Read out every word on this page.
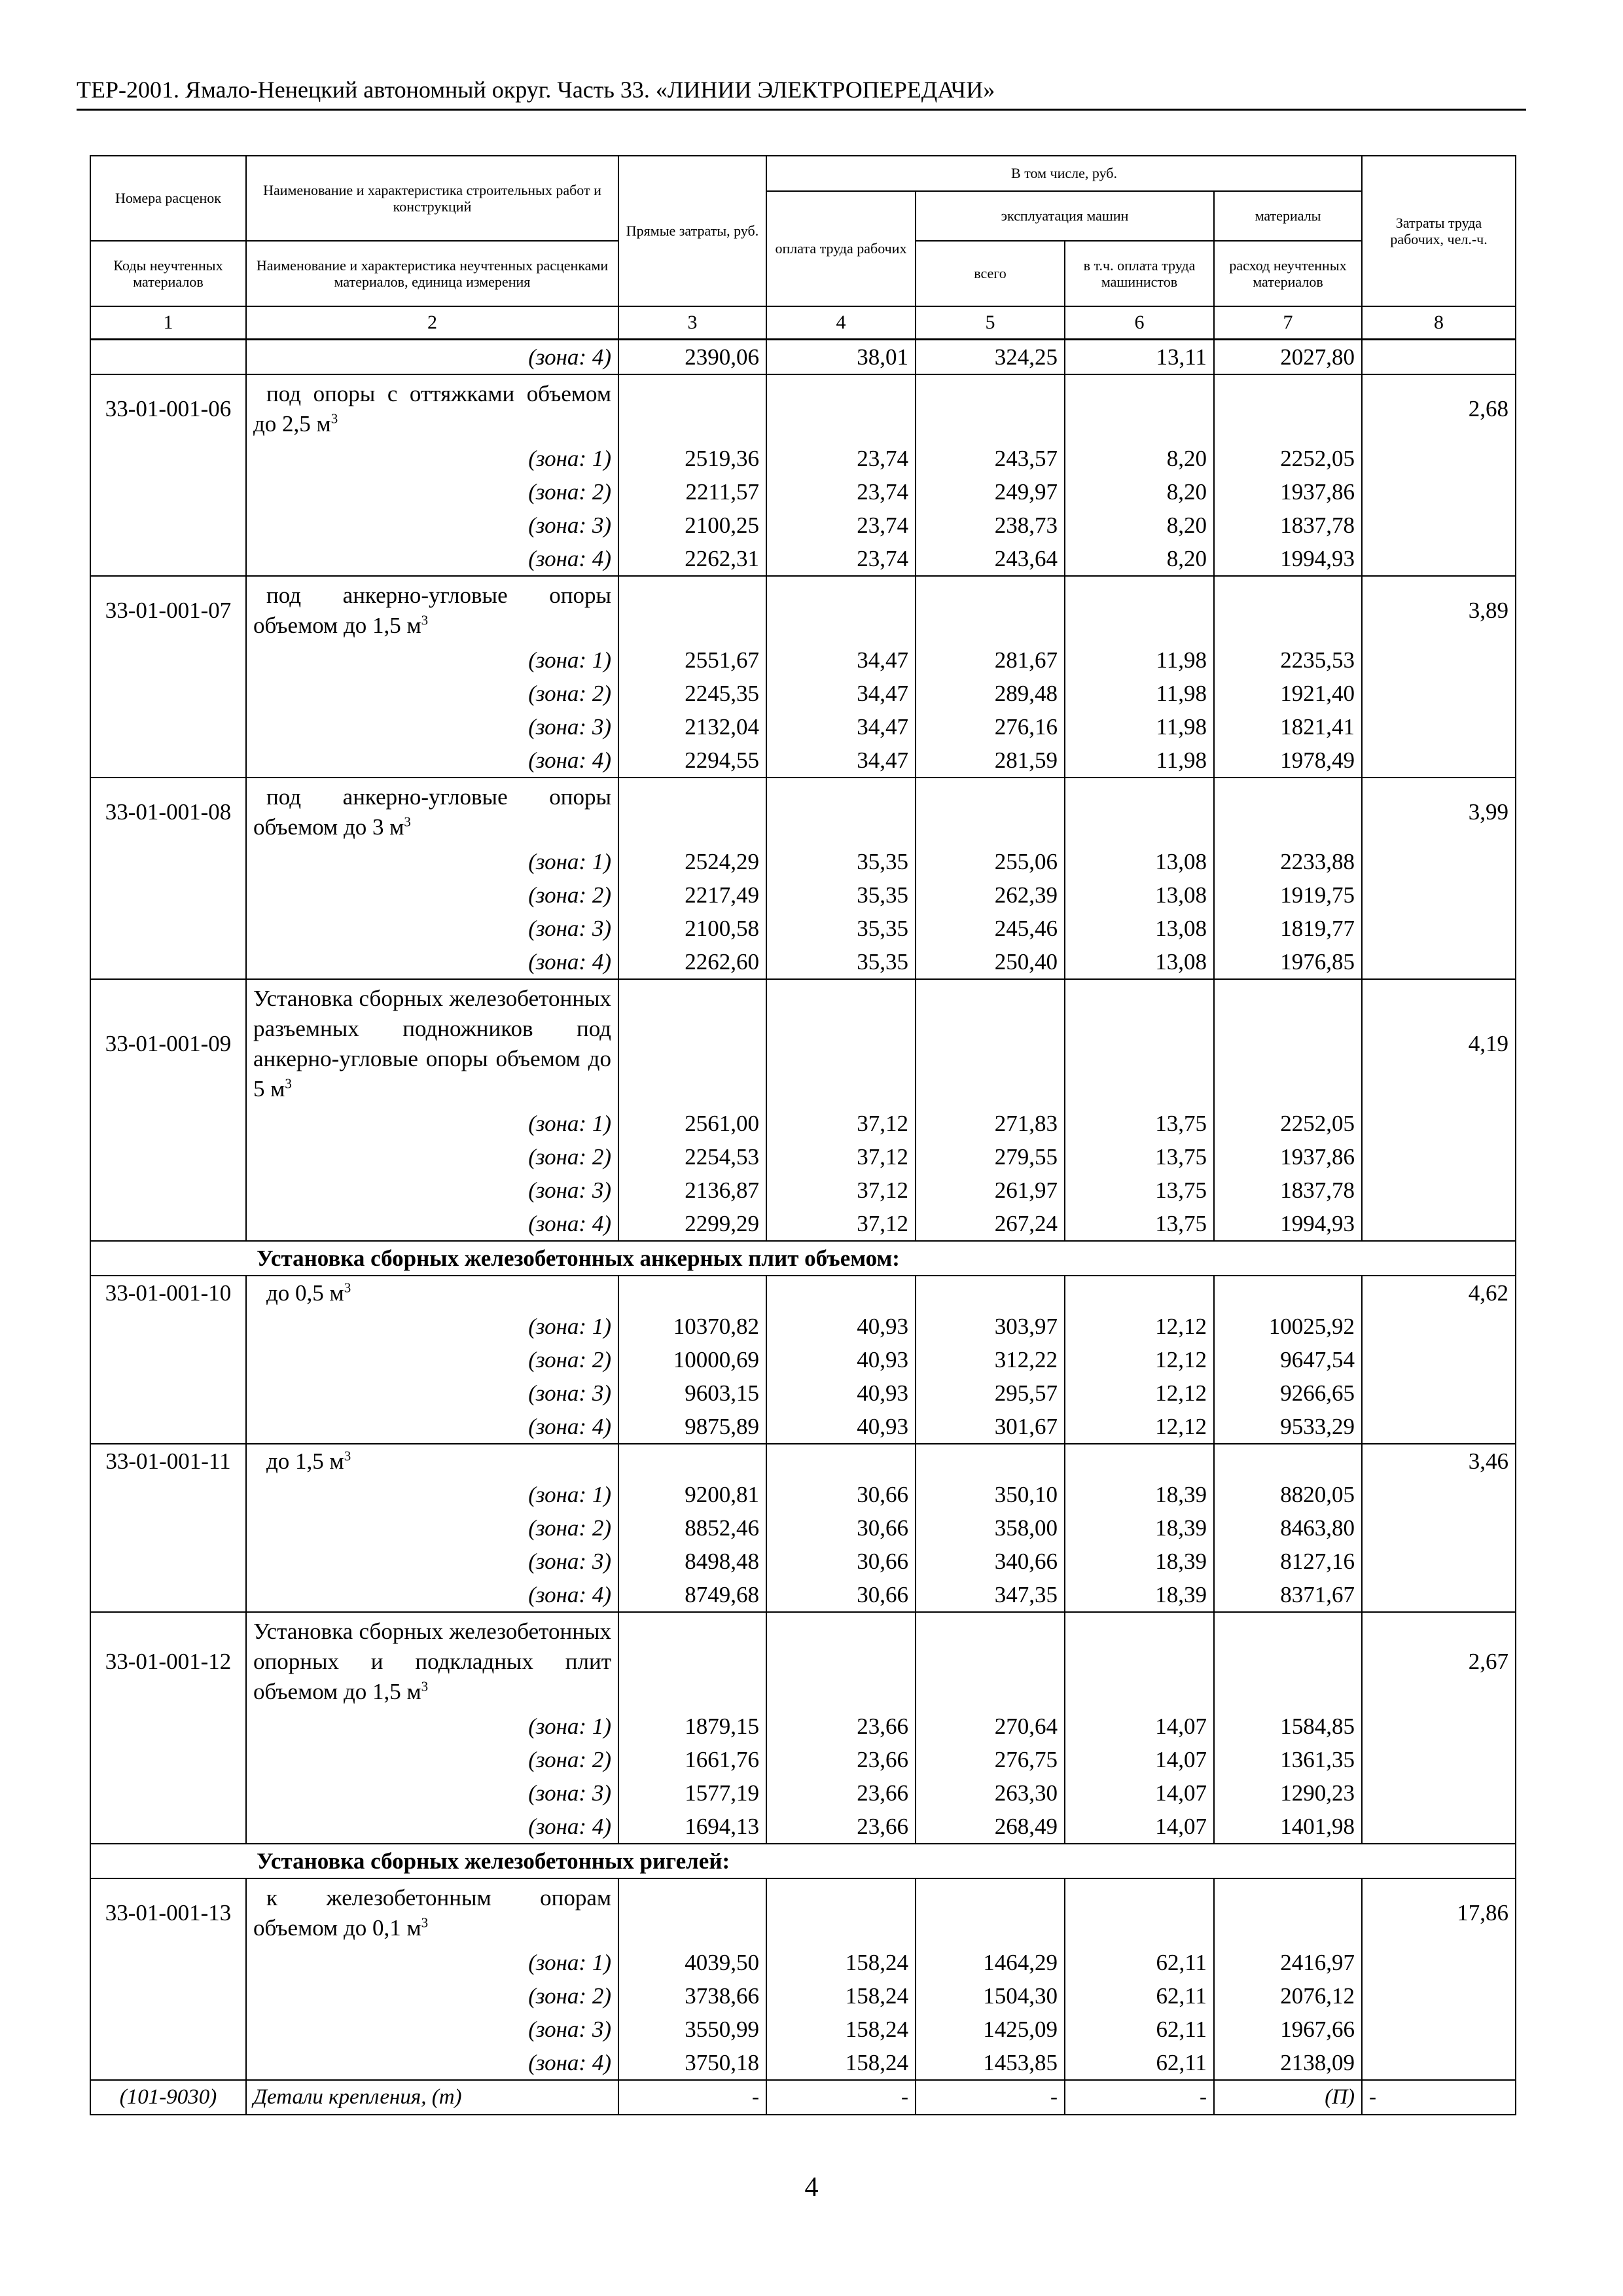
ТЕР-2001. Ямало-Ненецкий автономный округ. Часть 33. «ЛИНИИ ЭЛЕКТРОПЕРЕДАЧИ»
Номера расценок	Наименование и характеристика строительных работ и конструкций	Прямые затраты, руб.	В том числе, руб.				Затраты труда рабочих, чел.-ч.
			оплата труда рабочих	эксплуатация машин		материалы	
Коды неучтенных материалов	Наименование и характеристика неучтенных расценками материалов, единица измерения			всего	в т.ч. оплата труда машинистов	расход неучтенных материалов	
1	2	3	4	5	6	7	8
	(зона: 4)	2390,06	38,01	324,25	13,11	2027,80	
33-01-001-06	под опоры с оттяжками объемом до 2,5 $м^3$						2,68
	(зона: 1)	2519,36	23,74	243,57	8,20	2252,05	
	(зона: 2)	2211,57	23,74	249,97	8,20	1937,86	
	(зона: 3)	2100,25	23,74	238,73	8,20	1837,78	
	(зона: 4)	2262,31	23,74	243,64	8,20	1994,93	
33-01-001-07	под анкерно-угловые опоры объемом до 1,5 $м^3$						3,89
	(зона: 1)	2551,67	34,47	281,67	11,98	2235,53	
	(зона: 2)	2245,35	34,47	289,48	11,98	1921,40	
	(зона: 3)	2132,04	34,47	276,16	11,98	1821,41	
	(зона: 4)	2294,55	34,47	281,59	11,98	1978,49	
33-01-001-08	под анкерно-угловые опоры объемом до 3 $м^3$						3,99
	(зона: 1)	2524,29	35,35	255,06	13,08	2233,88	
	(зона: 2)	2217,49	35,35	262,39	13,08	1919,75	
	(зона: 3)	2100,58	35,35	245,46	13,08	1819,77	
	(зона: 4)	2262,60	35,35	250,40	13,08	1976,85	
33-01-001-09	Установка сборных железобетонных разъемных подножников под анкерно-угловые опоры объемом до 5 $м^3$						4,19
	(зона: 1)	2561,00	37,12	271,83	13,75	2252,05	
	(зона: 2)	2254,53	37,12	279,55	13,75	1937,86	
	(зона: 3)	2136,87	37,12	261,97	13,75	1837,78	
	(зона: 4)	2299,29	37,12	267,24	13,75	1994,93	
	Установка сборных железобетонных анкерных плит объемом:						
33-01-001-10	до 0,5 $м^3$						4,62
	(зона: 1)	10370,82	40,93	303,97	12,12	10025,92	
	(зона: 2)	10000,69	40,93	312,22	12,12	9647,54	
	(зона: 3)	9603,15	40,93	295,57	12,12	9266,65	
	(зона: 4)	9875,89	40,93	301,67	12,12	9533,29	
33-01-001-11	до 1,5 $м^3$						3,46
	(зона: 1)	9200,81	30,66	350,10	18,39	8820,05	
	(зона: 2)	8852,46	30,66	358,00	18,39	8463,80	
	(зона: 3)	8498,48	30,66	340,66	18,39	8127,16	
	(зона: 4)	8749,68	30,66	347,35	18,39	8371,67	
33-01-001-12	Установка сборных железобетонных опорных и подкладных плит объемом до 1,5 $м^3$						2,67
	(зона: 1)	1879,15	23,66	270,64	14,07	1584,85	
	(зона: 2)	1661,76	23,66	276,75	14,07	1361,35	
	(зона: 3)	1577,19	23,66	263,30	14,07	1290,23	
	(зона: 4)	1694,13	23,66	268,49	14,07	1401,98	
	Установка сборных железобетонных ригелей:						
33-01-001-13	к железобетонным опорам объемом до 0,1 $м^3$						17,86
	(зона: 1)	4039,50	158,24	1464,29	62,11	2416,97	
	(зона: 2)	3738,66	158,24	1504,30	62,11	2076,12	
	(зона: 3)	3550,99	158,24	1425,09	62,11	1967,66	
	(зона: 4)	3750,18	158,24	1453,85	62,11	2138,09	
(101-9030)	Детали крепления, (т)	-	-	-	-	(П)	-
4
